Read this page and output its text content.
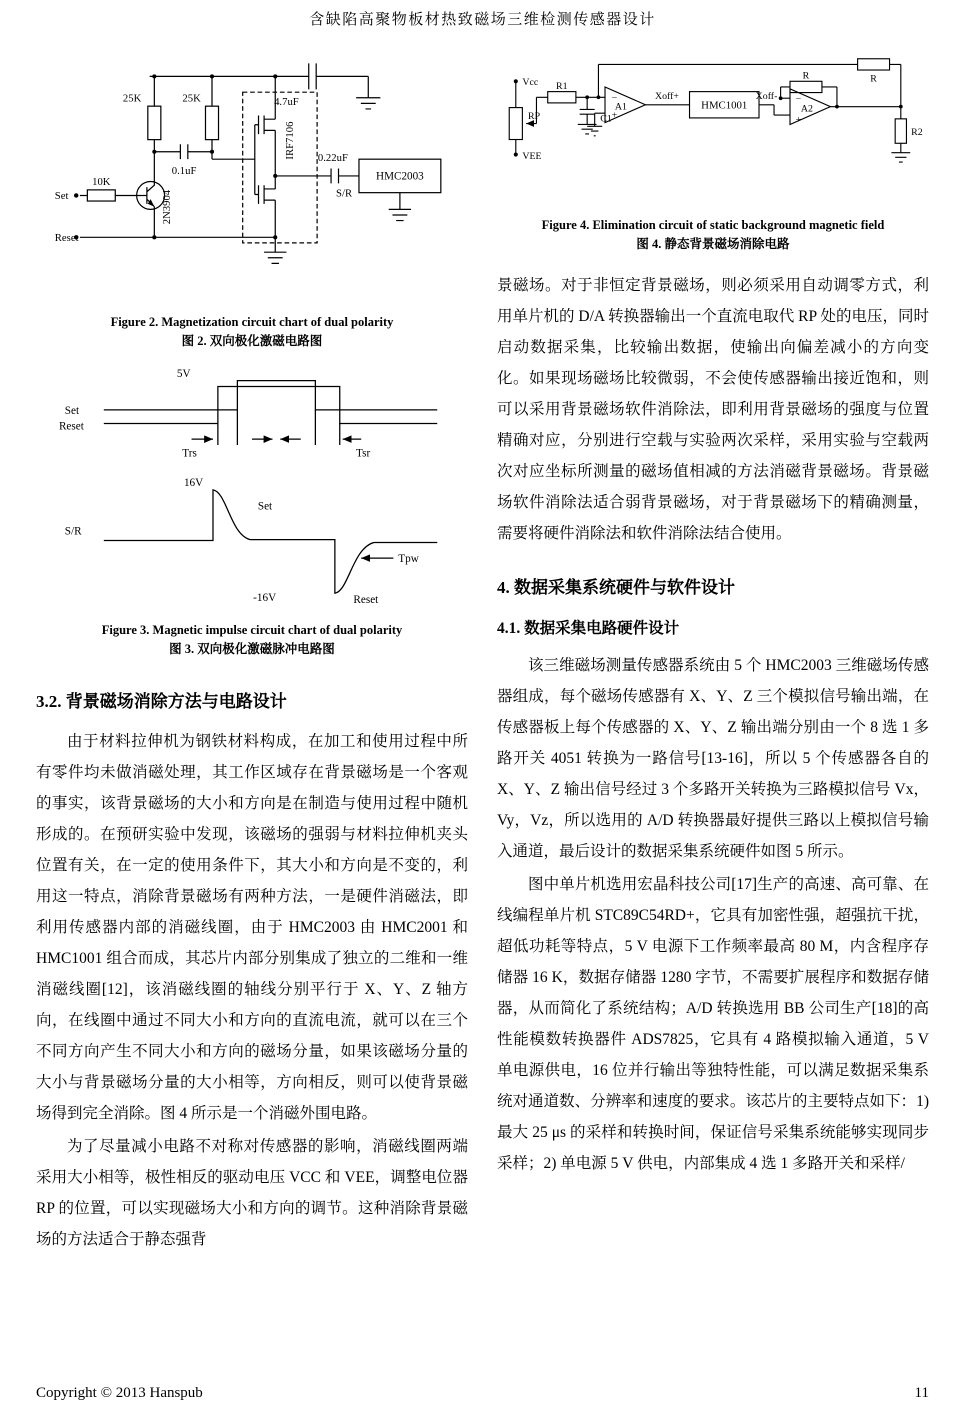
含缺陷高聚物板材热致磁场三维检测传感器设计
Set
10K
25K	25K	4.7uF
0.1uF
2N3904
IRF7106 0.22uF
S/R
HMC2003
Reset
Figure 2. Magnetization circuit chart of dual polarity
图 2. 双向极化激磁电路图
5V
Set
Reset
Trs	Tsr
16V
S/R
Set
-16V	Reset
Tpw
Figure 3. Magnetic impulse circuit chart of dual polarity
图 3. 双向极化激磁脉冲电路图
3.2. 背景磁场消除方法与电路设计

由于材料拉伸机为钢铁材料构成，在加工和使用过程中所有零件均未做消磁处理，其工作区域存在背景磁场是一个客观的事实，该背景磁场的大小和方向是在制造与使用过程中随机形成的。在预研实验中发现，该磁场的强弱与材料拉伸机夹头位置有关，在一定的使用条件下，其大小和方向是不变的，利用这一特点，消除背景磁场有两种方法，一是硬件消磁法，即利用传感器内部的消磁线圈，由于 HMC2003 由 HMC2001 和 HMC1001 组合而成，其芯片内部分别集成了独立的二维和一维消磁线圈[12]，该消磁线圈的轴线分别平行于 X、Y、Z 轴方向，在线圈中通过不同大小和方向的直流电流，就可以在三个不同方向产生不同大小和方向的磁场分量，如果该磁场分量的大小与背景磁场分量的大小相等，方向相反，则可以使背景磁场得到完全消除。图 4 所示是一个消磁外围电路。

为了尽量减小电路不对称对传感器的影响，消磁线圈两端采用大小相等，极性相反的驱动电压 VCC 和 VEE，调整电位器 RP 的位置，可以实现磁场大小和方向的调节。这种消除背景磁场的方法适合于静态强背

Vcc R1
RP
VEE
C1
A1
−
+
Xoff+
HMC1001
Xoff-
A2
−
+
R	R
R2
Figure 4. Elimination circuit of static background magnetic field
图 4. 静态背景磁场消除电路

景磁场。对于非恒定背景磁场，则必须采用自动调零方式，利用单片机的 D/A 转换器输出一个直流电取代 RP 处的电压，同时启动数据采集，比较输出数据，使输出向偏差减小的方向变化。如果现场磁场比较微弱，不会使传感器输出接近饱和，则可以采用背景磁场软件消除法，即利用背景磁场的强度与位置精确对应，分别进行空载与实验两次采样，采用实验与空载两次对应坐标所测量的磁场值相减的方法消磁背景磁场。背景磁场软件消除法适合弱背景磁场，对于背景磁场下的精确测量，需要将硬件消除法和软件消除法结合使用。

4. 数据采集系统硬件与软件设计
4.1. 数据采集电路硬件设计

该三维磁场测量传感器系统由 5 个 HMC2003 三维磁场传感器组成，每个磁场传感器有 X、Y、Z 三个模拟信号输出端，在传感器板上每个传感器的 X、Y、Z 输出端分别由一个 8 选 1 多路开关 4051 转换为一路信号[13-16]，所以 5 个传感器各自的 X、Y、Z 输出信号经过 3 个多路开关转换为三路模拟信号 Vx，Vy，Vz，所以选用的 A/D 转换器最好提供三路以上模拟信号输入通道，最后设计的数据采集系统硬件如图 5 所示。

图中单片机选用宏晶科技公司[17]生产的高速、高可靠、在线编程单片机 STC89C54RD+，它具有加密性强，超强抗干扰，超低功耗等特点，5 V 电源下工作频率最高 80 M，内含程序存储器 16 K，数据存储器 1280 字节，不需要扩展程序和数据存储器，从而简化了系统结构；A/D 转换选用 BB 公司生产[18]的高性能模数转换器件 ADS7825，它具有 4 路模拟输入通道，5 V 单电源供电，16 位并行输出等独特性能，可以满足数据采集系统对通道数、分辨率和速度的要求。该芯片的主要特点如下：1) 最大 25 μs 的采样和转换时间，保证信号采集系统能够实现同步采样；2) 单电源 5 V 供电，内部集成 4 选 1 多路开关和采样/

Copyright © 2013 Hanspub	11
